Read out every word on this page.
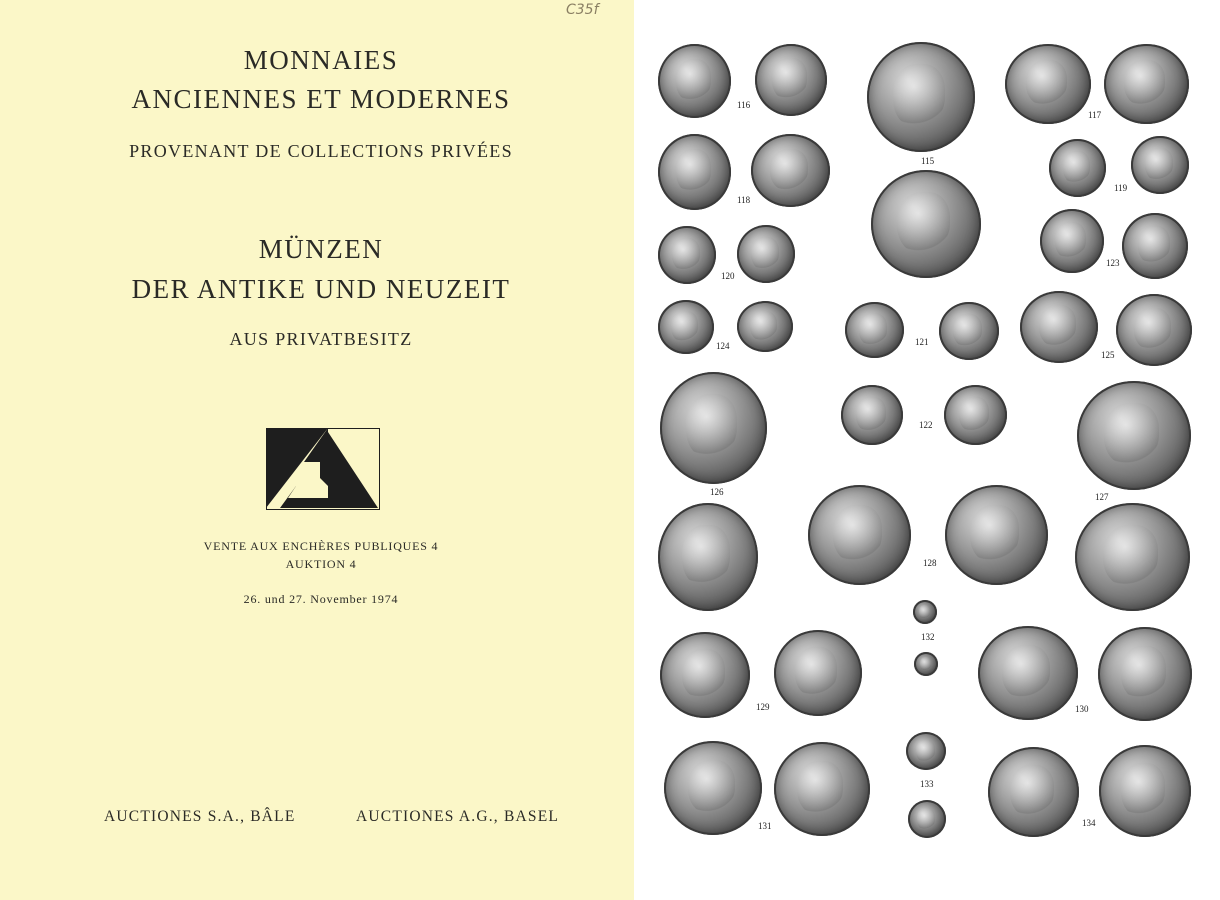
C35f
MONNAIES
ANCIENNES ET MODERNES
PROVENANT DE COLLECTIONS PRIVÉES
MÜNZEN
DER ANTIKE UND NEUZEIT
AUS PRIVATBESITZ
VENTE AUX ENCHÈRES PUBLIQUES 4
AUKTION 4
26. und 27. November 1974
AUCTIONES S.A., BÂLE	AUCTIONES A.G., BASEL
116
115
117
118
119
120
123
124	121
125
126
122
127
128
132
129	130
133
131	134
